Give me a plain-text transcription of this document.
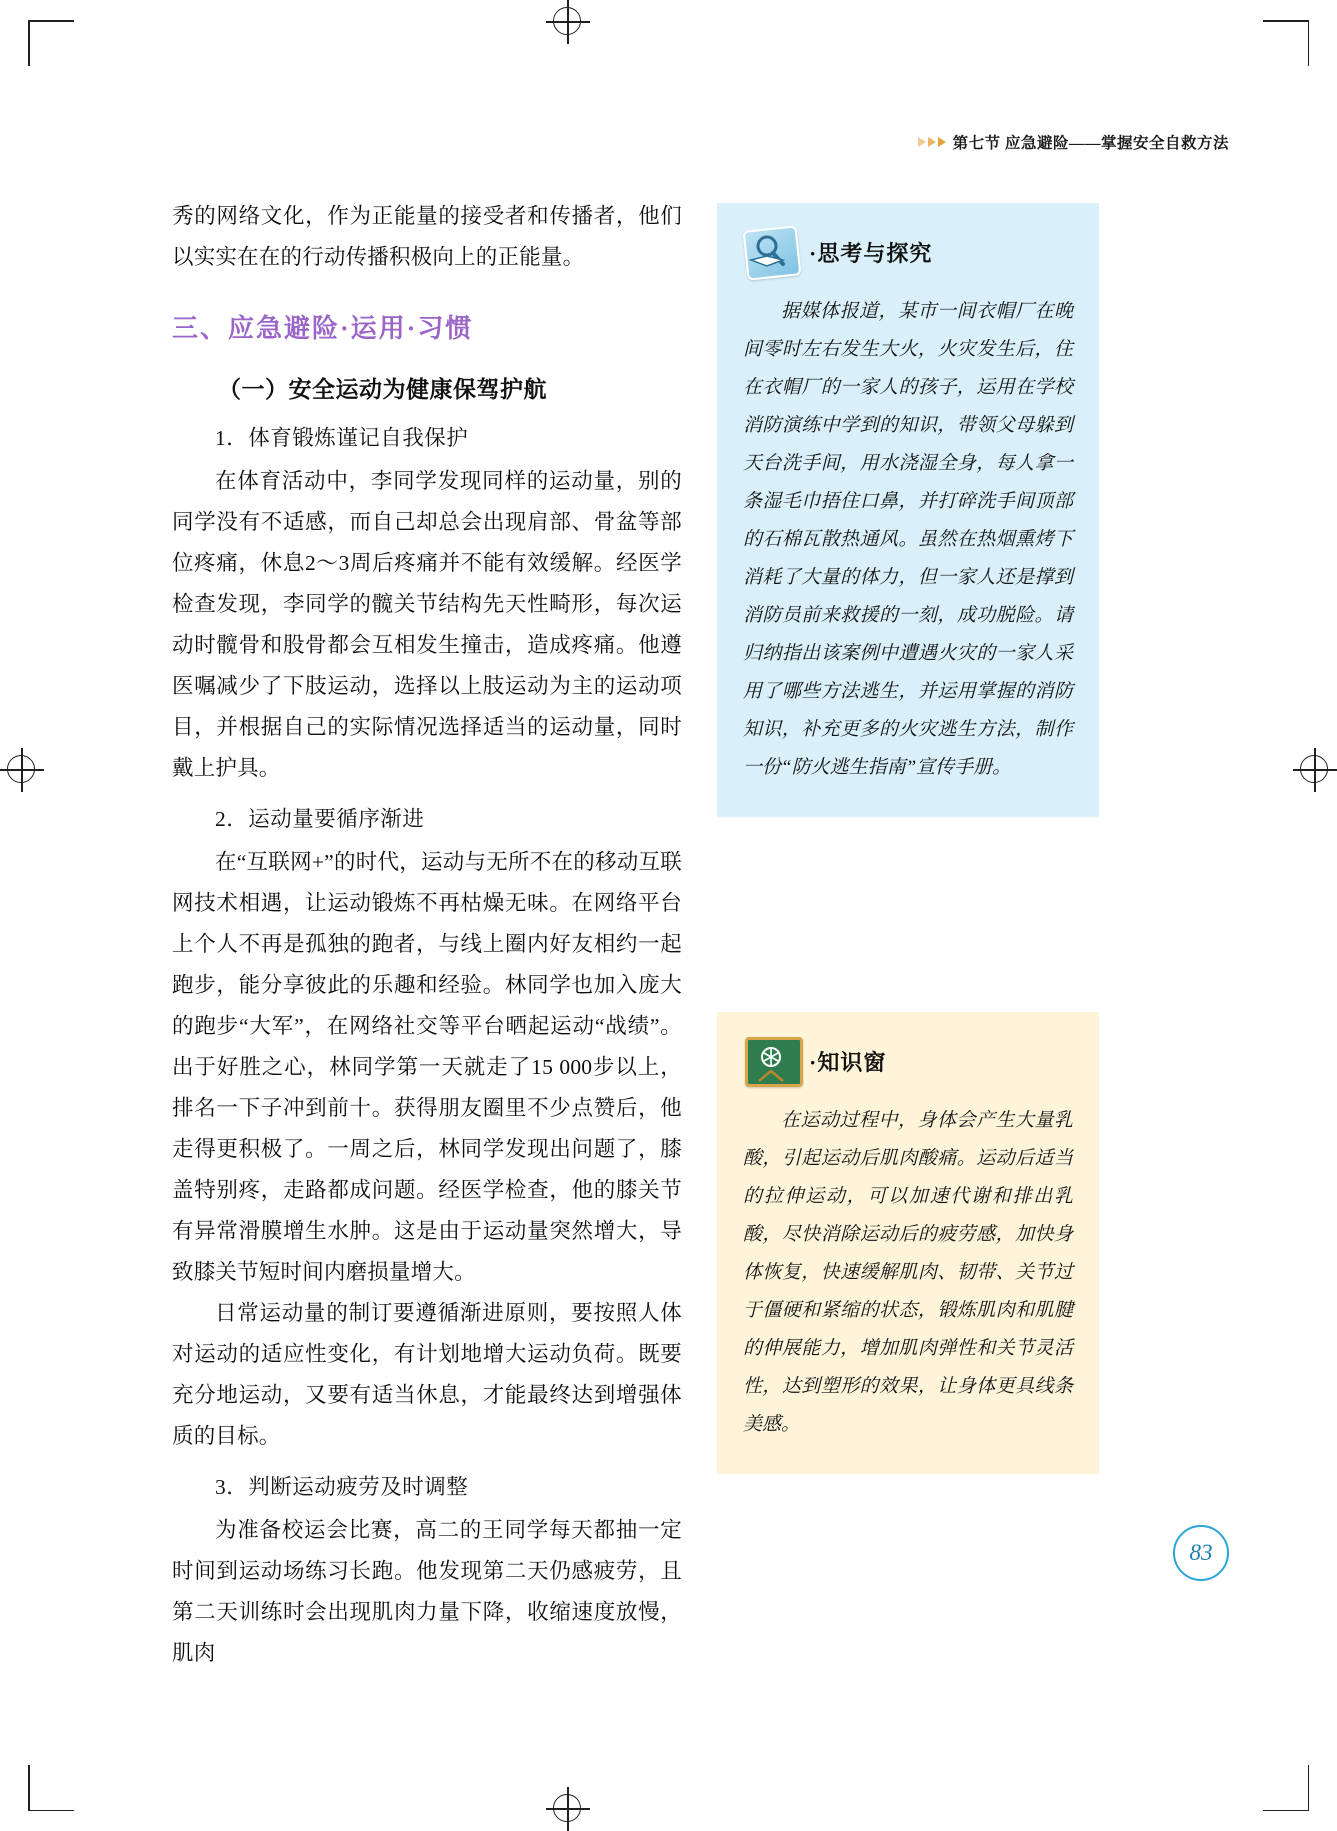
第七节 应急避险——掌握安全自救方法

秀的网络文化，作为正能量的接受者和传播者，他们以实实在在的行动传播积极向上的正能量。

三、应急避险·运用·习惯
（一）安全运动为健康保驾护航

1．体育锻炼谨记自我保护

在体育活动中，李同学发现同样的运动量，别的同学没有不适感，而自己却总会出现肩部、骨盆等部位疼痛，休息2～3周后疼痛并不能有效缓解。经医学检查发现，李同学的髋关节结构先天性畸形，每次运动时髋骨和股骨都会互相发生撞击，造成疼痛。他遵医嘱减少了下肢运动，选择以上肢运动为主的运动项目，并根据自己的实际情况选择适当的运动量，同时戴上护具。

2．运动量要循序渐进

在“互联网+”的时代，运动与无所不在的移动互联网技术相遇，让运动锻炼不再枯燥无味。在网络平台上个人不再是孤独的跑者，与线上圈内好友相约一起跑步，能分享彼此的乐趣和经验。林同学也加入庞大的跑步“大军”，在网络社交等平台晒起运动“战绩”。出于好胜之心，林同学第一天就走了15 000步以上，排名一下子冲到前十。获得朋友圈里不少点赞后，他走得更积极了。一周之后，林同学发现出问题了，膝盖特别疼，走路都成问题。经医学检查，他的膝关节有异常滑膜增生水肿。这是由于运动量突然增大，导致膝关节短时间内磨损量增大。

日常运动量的制订要遵循渐进原则，要按照人体对运动的适应性变化，有计划地增大运动负荷。既要充分地运动，又要有适当休息，才能最终达到增强体质的目标。

3．判断运动疲劳及时调整

为准备校运会比赛，高二的王同学每天都抽一定时间到运动场练习长跑。他发现第二天仍感疲劳，且第二天训练时会出现肌肉力量下降，收缩速度放慢，肌肉

·思考与探究

据媒体报道，某市一间衣帽厂在晚间零时左右发生大火，火灾发生后，住在衣帽厂的一家人的孩子，运用在学校消防演练中学到的知识，带领父母躲到天台洗手间，用水浇湿全身，每人拿一条湿毛巾捂住口鼻，并打碎洗手间顶部的石棉瓦散热通风。虽然在热烟熏烤下消耗了大量的体力，但一家人还是撑到消防员前来救援的一刻，成功脱险。请归纳指出该案例中遭遇火灾的一家人采用了哪些方法逃生，并运用掌握的消防知识，补充更多的火灾逃生方法，制作一份“防火逃生指南”宣传手册。

·知识窗

在运动过程中，身体会产生大量乳酸，引起运动后肌肉酸痛。运动后适当的拉伸运动，可以加速代谢和排出乳酸，尽快消除运动后的疲劳感，加快身体恢复，快速缓解肌肉、韧带、关节过于僵硬和紧缩的状态，锻炼肌肉和肌腱的伸展能力，增加肌肉弹性和关节灵活性，达到塑形的效果，让身体更具线条美感。

83
